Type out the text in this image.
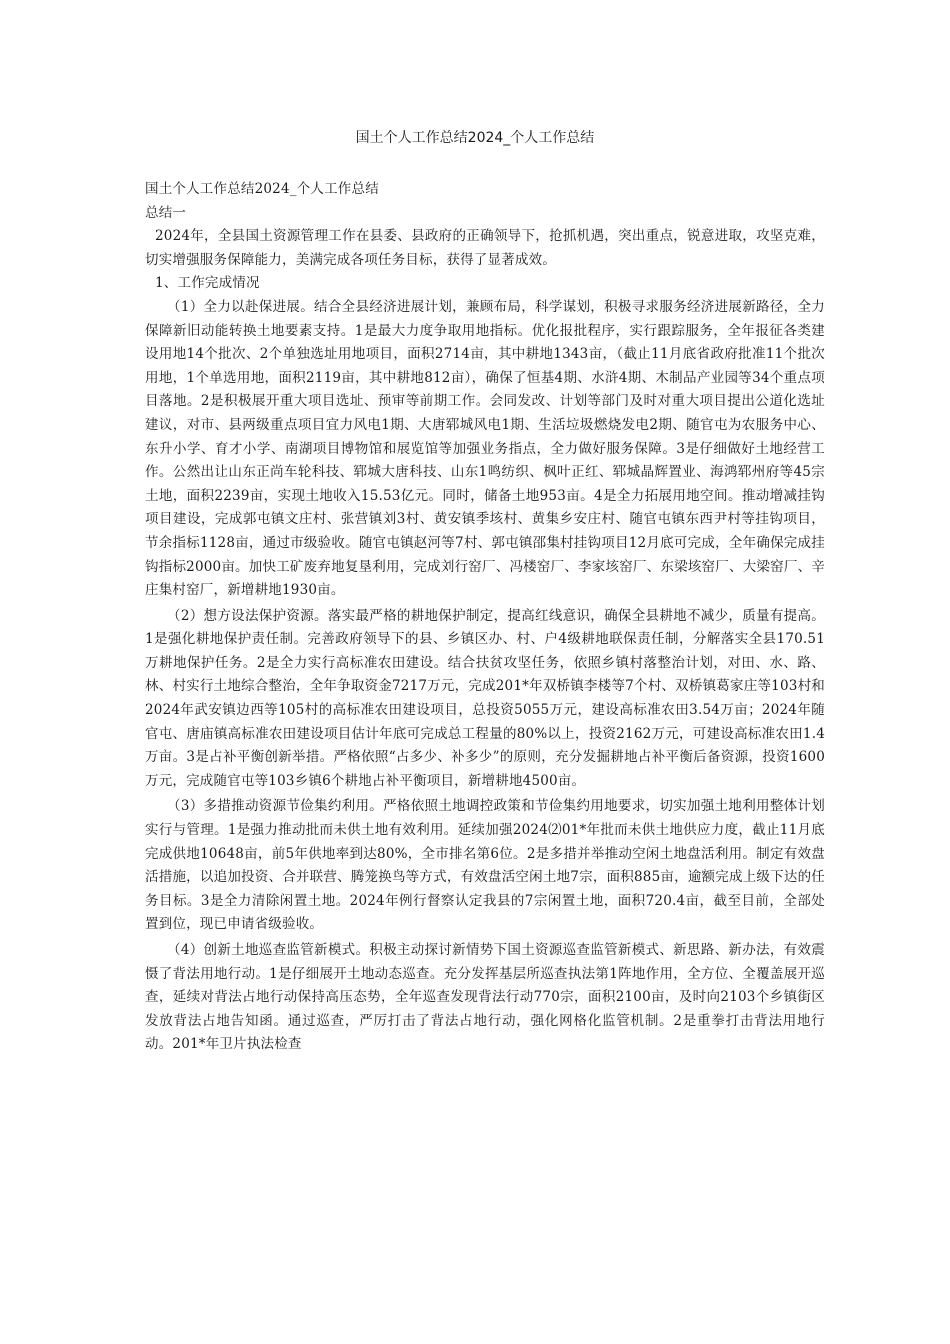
国土个人工作总结2024_个人工作总结

国土个人工作总结2024_个人工作总结

总结一

2024年，全县国土资源管理工作在县委、县政府的正确领导下，抢抓机遇，突出重点，锐意进取，攻坚克难，切实增强服务保障能力，美满完成各项任务目标，获得了显著成效。

1、工作完成情况

（1）全力以赴保进展。结合全县经济进展计划，兼顾布局，科学谋划，积极寻求服务经济进展新路径，全力保障新旧动能转换土地要素支持。1是最大力度争取用地指标。优化报批程序，实行跟踪服务，全年报征各类建设用地14个批次、2个单独选址用地项目，面积2714亩，其中耕地1343亩，（截止11月底省政府批准11个批次用地，1个单选用地，面积2119亩，其中耕地812亩），确保了恒基4期、水浒4期、木制品产业园等34个重点项目落地。2是积极展开重大项目选址、预审等前期工作。会同发改、计划等部门及时对重大项目提出公道化选址建议，对市、县两级重点项目宜力风电1期、大唐郓城风电1期、生活垃圾燃烧发电2期、随官屯为农服务中心、东升小学、育才小学、南湖项目博物馆和展览馆等加强业务指点，全力做好服务保障。3是仔细做好土地经营工作。公然出让山东正尚车轮科技、郓城大唐科技、山东1鸣纺织、枫叶正红、郓城晶辉置业、海鸿郓州府等45宗土地，面积2239亩，实现土地收入15.53亿元。同时，储备土地953亩。4是全力拓展用地空间。推动增减挂钩项目建设，完成郭屯镇文庄村、张营镇刘3村、黄安镇季垓村、黄集乡安庄村、随官屯镇东西尹村等挂钩项目，节余指标1128亩，通过市级验收。随官屯镇赵河等7村、郭屯镇邵集村挂钩项目12月底可完成，全年确保完成挂钩指标2000亩。加快工矿废弃地复垦利用，完成刘行窑厂、冯楼窑厂、李家垓窑厂、东梁垓窑厂、大梁窑厂、辛庄集村窑厂，新增耕地1930亩。

（2）想方设法保护资源。落实最严格的耕地保护制定，提高红线意识，确保全县耕地不减少，质量有提高。1是强化耕地保护责任制。完善政府领导下的县、乡镇区办、村、户4级耕地联保责任制，分解落实全县170.51万耕地保护任务。2是全力实行高标准农田建设。结合扶贫攻坚任务，依照乡镇村落整治计划，对田、水、路、林、村实行土地综合整治，全年争取资金7217万元，完成201*年双桥镇李楼等7个村、双桥镇葛家庄等103村和2024年武安镇边西等105村的高标准农田建设项目，总投资5055万元，建设高标准农田3.54万亩；2024年随官屯、唐庙镇高标准农田建设项目估计年底可完成总工程量的80%以上，投资2162万元，可建设高标准农田1.4万亩。3是占补平衡创新举措。严格依照“占多少、补多少”的原则，充分发掘耕地占补平衡后备资源，投资1600万元，完成随官屯等103乡镇6个耕地占补平衡项目，新增耕地4500亩。

（3）多措推动资源节俭集约利用。严格依照土地调控政策和节俭集约用地要求，切实加强土地利用整体计划实行与管理。1是强力推动批而未供土地有效利用。延续加强2024⑵01*年批而未供土地供应力度，截止11月底完成供地10648亩，前5年供地率到达80%，全市排名第6位。2是多措并举推动空闲土地盘活利用。制定有效盘活措施，以追加投资、合并联营、腾笼换鸟等方式，有效盘活空闲土地7宗，面积885亩，逾额完成上级下达的任务目标。3是全力清除闲置土地。2024年例行督察认定我县的7宗闲置土地，面积720.4亩，截至目前，全部处置到位，现已申请省级验收。

（4）创新土地巡查监管新模式。积极主动探讨新情势下国土资源巡查监管新模式、新思路、新办法，有效震慑了背法用地行动。1是仔细展开土地动态巡查。充分发挥基层所巡查执法第1阵地作用，全方位、全覆盖展开巡查，延续对背法占地行动保持高压态势，全年巡查发现背法行动770宗，面积2100亩，及时向2103个乡镇街区发放背法占地告知函。通过巡查，严厉打击了背法占地行动，强化网格化监管机制。2是重拳打击背法用地行动。201*年卫片执法检查
